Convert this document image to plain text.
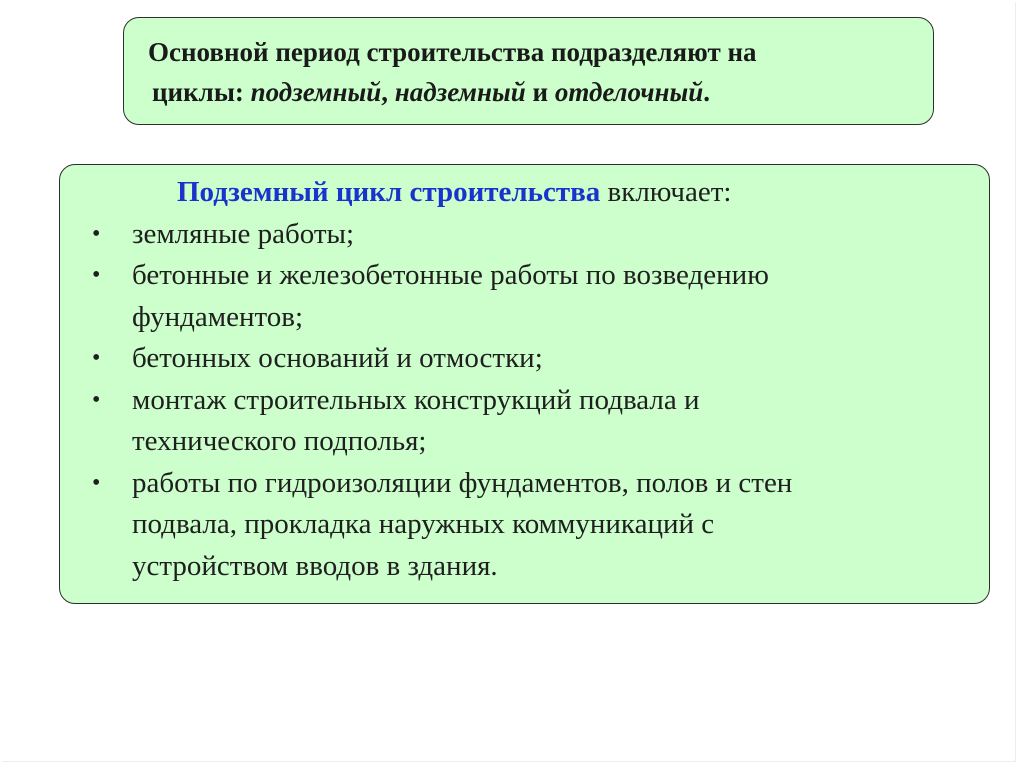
Основной период строительства подразделяют на
циклы: подземный, надземный и отделочный.
Подземный цикл строительства включает:
• земляные работы;
• бетонные и железобетонные работы по возведению
фундаментов;
• бетонных оснований и отмостки;
• монтаж строительных конструкций подвала и
технического подполья;
• работы по гидроизоляции фундаментов, полов и стен
подвала, прокладка наружных коммуникаций с
устройством вводов в здания.
